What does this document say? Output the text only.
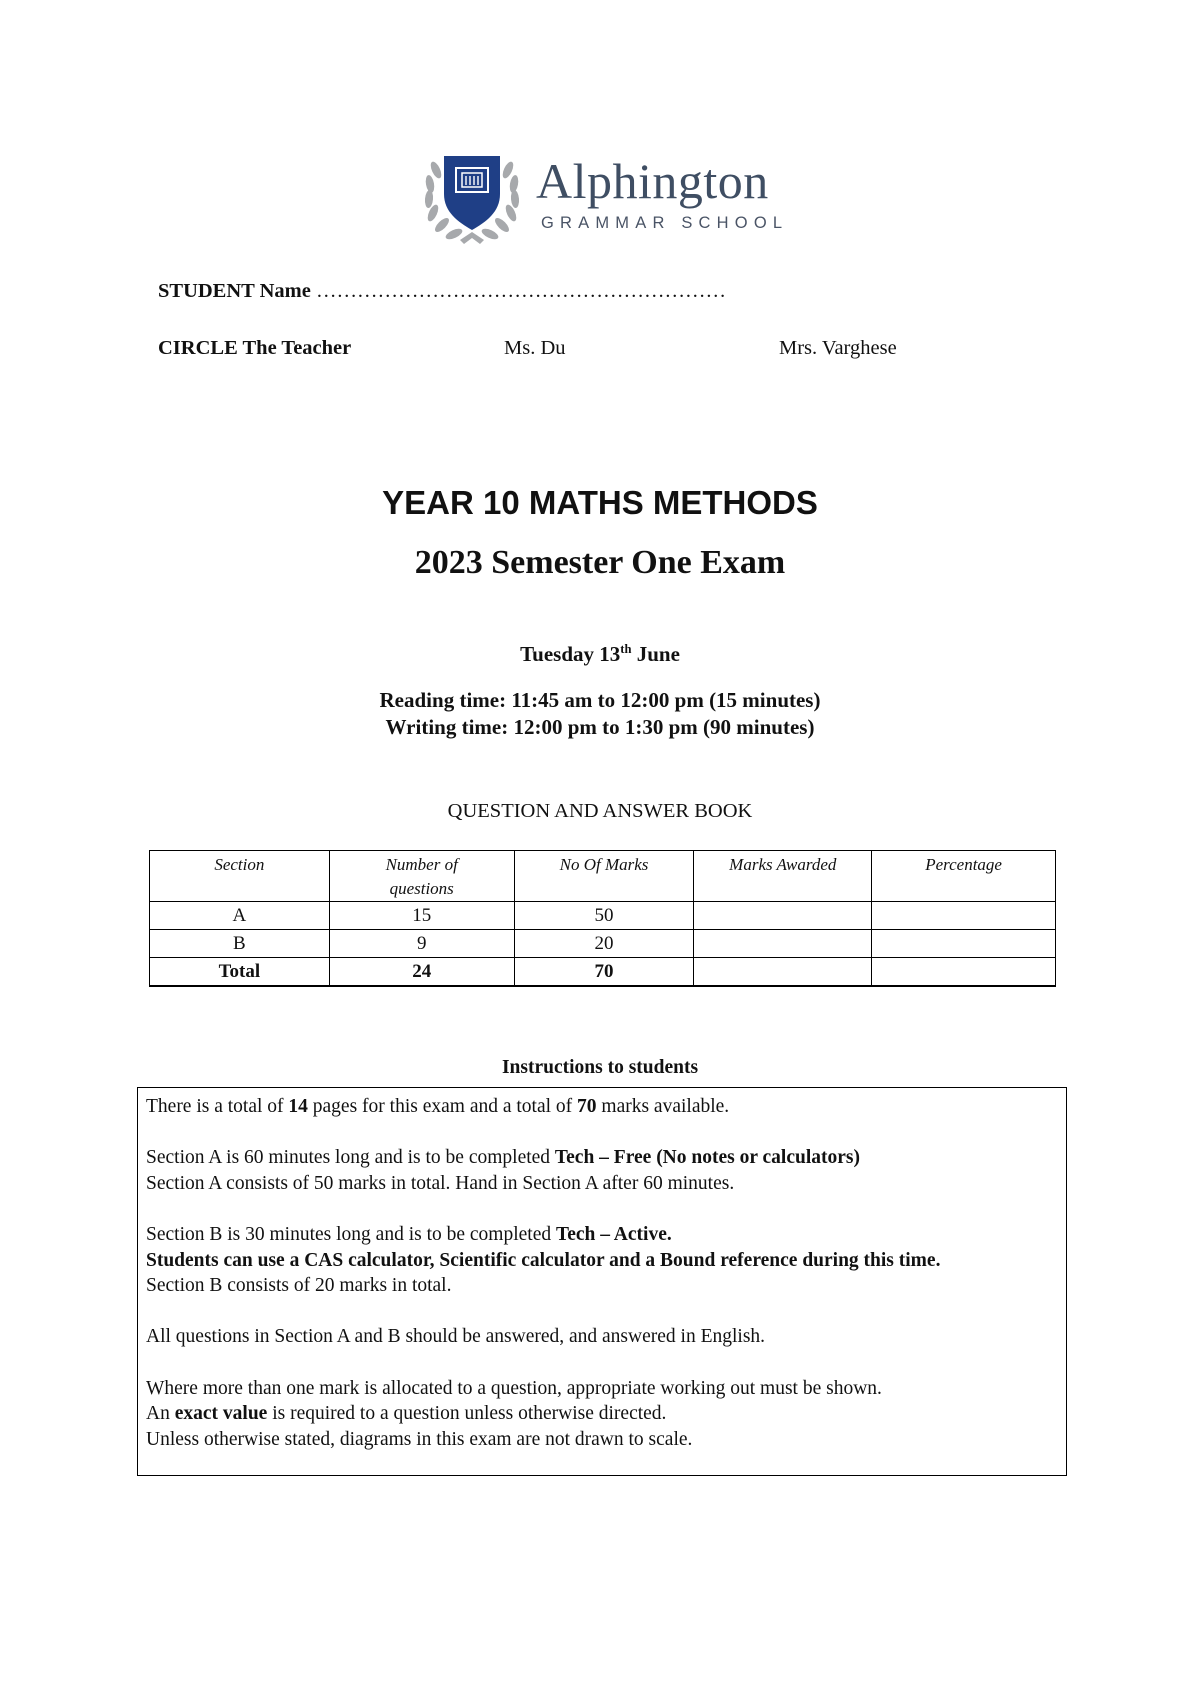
Alphington
GRAMMAR SCHOOL
STUDENT Name ……………………………………………………
CIRCLE The Teacher	Ms. Du	Mrs. Varghese
YEAR 10 MATHS METHODS
2023 Semester One Exam
Tuesday 13th June
Reading time: 11:45 am to 12:00 pm (15 minutes)
Writing time: 12:00 pm to 1:30 pm (90 minutes)
QUESTION AND ANSWER BOOK
Section	Number of questions	No Of Marks	Marks Awarded	Percentage
A	15	50		
B	9	20		
Total	24	70		
Instructions to students

There is a total of 14 pages for this exam and a total of 70 marks available.

Section A is 60 minutes long and is to be completed Tech – Free (No notes or calculators)

Section A consists of 50 marks in total. Hand in Section A after 60 minutes.

Section B is 30 minutes long and is to be completed Tech – Active.

Students can use a CAS calculator, Scientific calculator and a Bound reference during this time.

Section B consists of 20 marks in total.

All questions in Section A and B should be answered, and answered in English.

Where more than one mark is allocated to a question, appropriate working out must be shown.

An exact value is required to a question unless otherwise directed.

Unless otherwise stated, diagrams in this exam are not drawn to scale.
